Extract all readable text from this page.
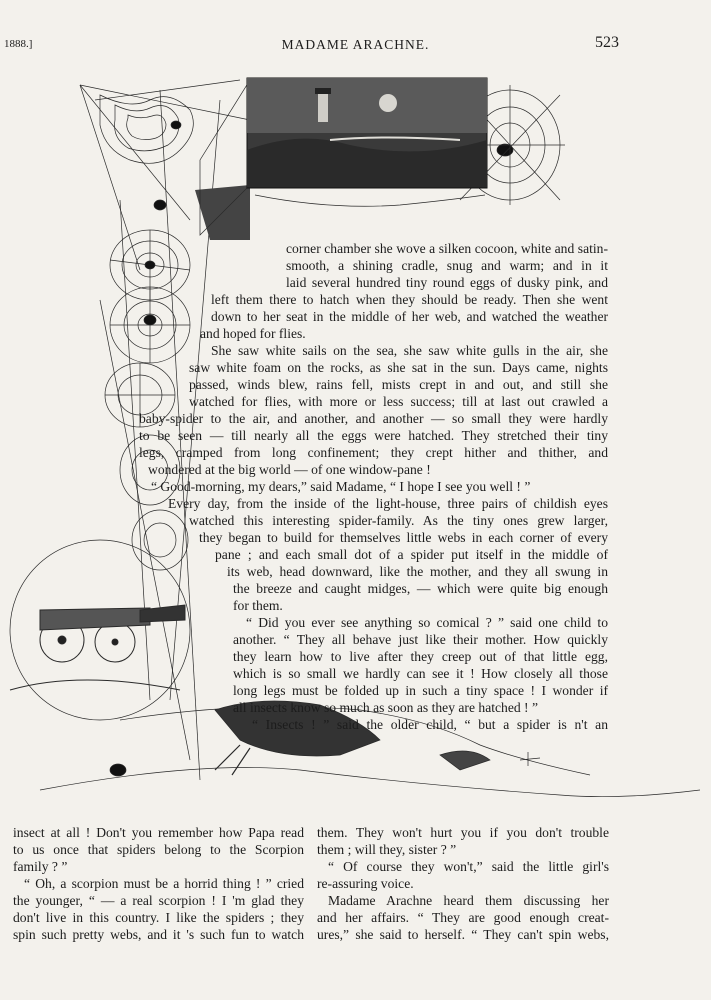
1888.]	MADAME ARACHNE.	523
corner chamber she wove a silken cocoon, white and satin-
smooth, a shining cradle, snug and warm; and in it
laid several hundred tiny round eggs of dusky pink, and
left them there to hatch when they should be ready. Then she went
down to her seat in the middle of her web, and watched the weather
and hoped for flies.
She saw white sails on the sea, she saw white gulls in the air, she
saw white foam on the rocks, as she sat in the sun. Days came, nights
passed, winds blew, rains fell, mists crept in and out, and still she
watched for flies, with more or less success; till at last out crawled a
baby-spider to the air, and another, and another — so small they were hardly
to be seen — till nearly all the eggs were hatched. They stretched their tiny
legs, cramped from long confinement; they crept hither and thither, and
wondered at the big world — of one window-pane !
“ Good-morning, my dears,” said Madame, “ I hope I see you well ! ”
Every day, from the inside of the light-house, three pairs of childish eyes
watched this interesting spider-family. As the tiny ones grew larger,
they began to build for themselves little webs in each corner of every
pane ; and each small dot of a spider put itself in the middle of
its web, head downward, like the mother, and they all swung in
the breeze and caught midges, — which were quite big enough
for them.
“ Did you ever see anything so comical ? ” said one child to
another. “ They all behave just like their mother. How quickly
they learn how to live after they creep out of that little egg,
which is so small we hardly can see it ! How closely all those
long legs must be folded up in such a tiny space ! I wonder if
all insects know so much as soon as they are hatched ! ”
“ Insects ! ” said the older child, “ but a spider is n't an
insect at all ! Don't you remember how Papa read
to us once that spiders belong to the Scorpion
family ? ”
“ Oh, a scorpion must be a horrid thing ! ” cried
the younger, “ — a real scorpion ! I 'm glad they
don't live in this country. I like the spiders ; they
spin such pretty webs, and it 's such fun to watch
them. They won't hurt you if you don't trouble
them ; will they, sister ? ”
“ Of course they won't,” said the little girl's
re-assuring voice.
Madame Arachne heard them discussing her
and her affairs. “ They are good enough creat-
ures,” she said to herself. “ They can't spin webs,
